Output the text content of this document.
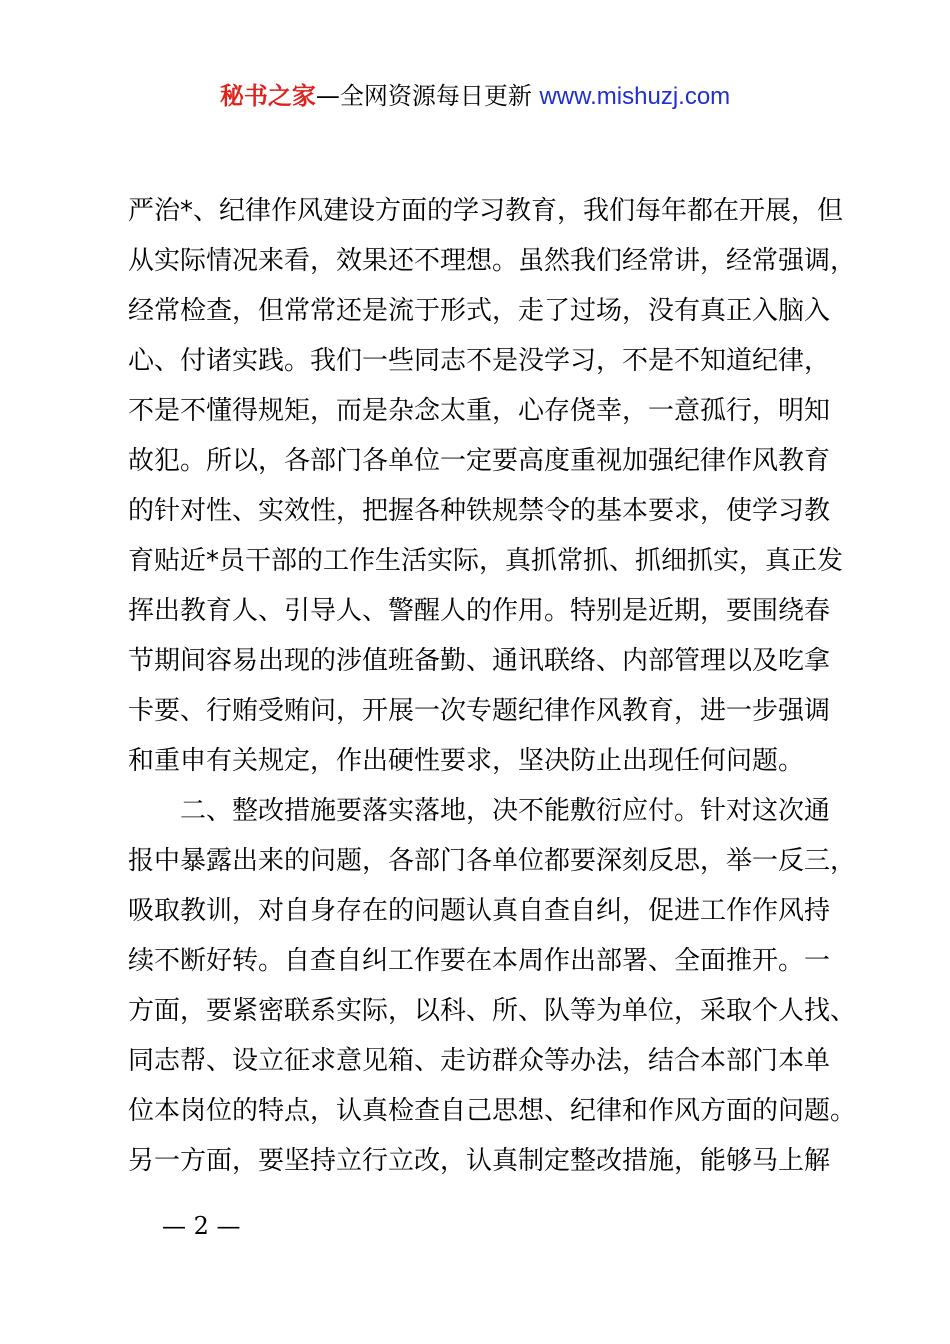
秘书之家—全网资源每日更新 www.mishuzj.com
严治*、纪律作风建设方面的学习教育，我们每年都在开展，但
从实际情况来看，效果还不理想。虽然我们经常讲，经常强调，
经常检查，但常常还是流于形式，走了过场，没有真正入脑入
心、付诸实践。我们一些同志不是没学习，不是不知道纪律，
不是不懂得规矩，而是杂念太重，心存侥幸，一意孤行，明知
故犯。所以，各部门各单位一定要高度重视加强纪律作风教育
的针对性、实效性，把握各种铁规禁令的基本要求，使学习教
育贴近*员干部的工作生活实际，真抓常抓、抓细抓实，真正发
挥出教育人、引导人、警醒人的作用。特别是近期，要围绕春
节期间容易出现的涉值班备勤、通讯联络、内部管理以及吃拿
卡要、行贿受贿问，开展一次专题纪律作风教育，进一步强调
和重申有关规定，作出硬性要求，坚决防止出现任何问题。
　　二、整改措施要落实落地，决不能敷衍应付。针对这次通
报中暴露出来的问题，各部门各单位都要深刻反思，举一反三，
吸取教训，对自身存在的问题认真自查自纠，促进工作作风持
续不断好转。自查自纠工作要在本周作出部署、全面推开。一
方面，要紧密联系实际，以科、所、队等为单位，采取个人找、
同志帮、设立征求意见箱、走访群众等办法，结合本部门本单
位本岗位的特点，认真检查自己思想、纪律和作风方面的问题。
另一方面，要坚持立行立改，认真制定整改措施，能够马上解
— 2 —
